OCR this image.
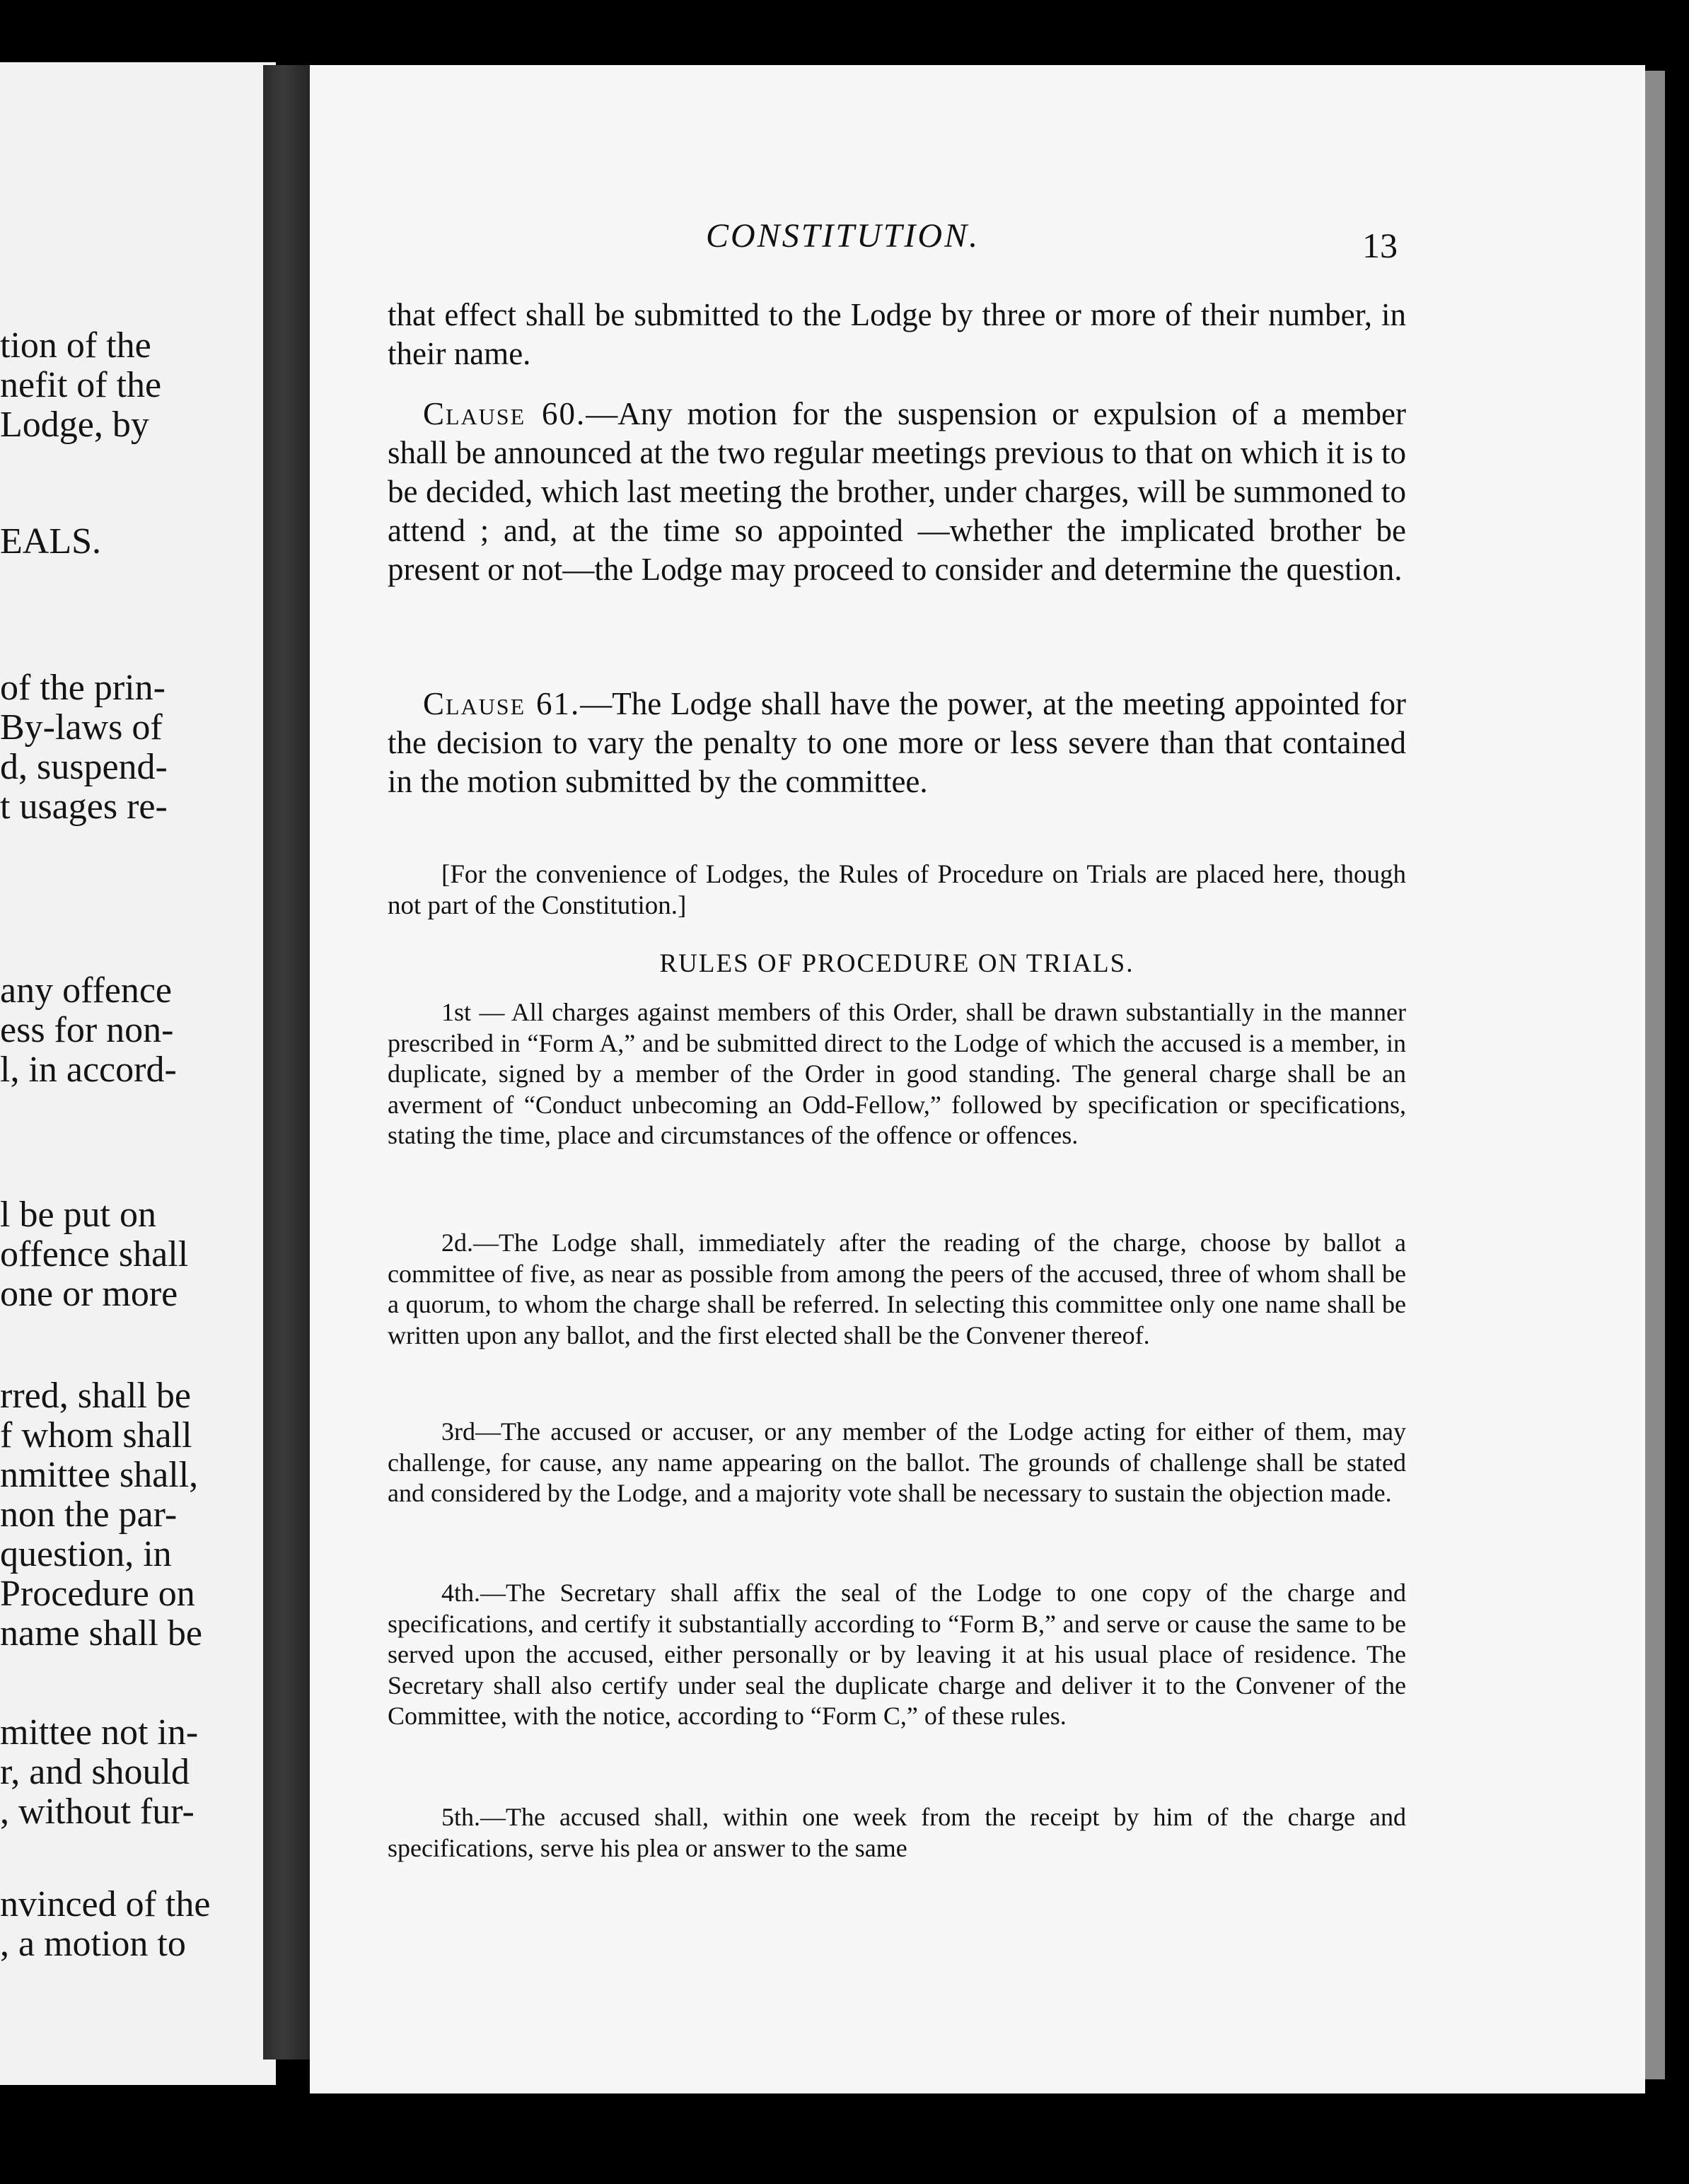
tion of the
nefit of the
Lodge, by
EALS.
of the prin-
By-laws of
d, suspend-
t usages re-
any offence
ess for non-
l, in accord-
l be put on
offence shall
one or more
rred, shall be
f whom shall
nmittee shall,
non the par-
question, in
Procedure on
name shall be
mittee not in-
r, and should
, without fur-
nvinced of the
, a motion to
CONSTITUTION.	13
that effect shall be submitted to the Lodge by three or more of their number, in their name.
Clause 60.—Any motion for the suspension or expulsion of a member shall be announced at the two regular meetings previous to that on which it is to be decided, which last meeting the brother, under charges, will be summoned to attend ; and, at the time so appointed —whether the implicated brother be present or not—the Lodge may proceed to consider and determine the question.
Clause 61.—The Lodge shall have the power, at the meeting appointed for the decision to vary the penalty to one more or less severe than that contained in the motion submitted by the committee.
[For the convenience of Lodges, the Rules of Procedure on Trials are placed here, though not part of the Constitution.]
RULES OF PROCEDURE ON TRIALS.
1st — All charges against members of this Order, shall be drawn substantially in the manner prescribed in “Form A,” and be submitted direct to the Lodge of which the accused is a member, in duplicate, signed by a member of the Order in good standing. The general charge shall be an averment of “Conduct unbecoming an Odd-Fellow,” followed by specification or specifications, stating the time, place and circumstances of the offence or offences.
2d.—The Lodge shall, immediately after the reading of the charge, choose by ballot a committee of five, as near as possible from among the peers of the accused, three of whom shall be a quorum, to whom the charge shall be referred. In selecting this committee only one name shall be written upon any ballot, and the first elected shall be the Convener thereof.
3rd—The accused or accuser, or any member of the Lodge acting for either of them, may challenge, for cause, any name appearing on the ballot. The grounds of challenge shall be stated and considered by the Lodge, and a majority vote shall be necessary to sustain the objection made.
4th.—The Secretary shall affix the seal of the Lodge to one copy of the charge and specifications, and certify it substantially according to “Form B,” and serve or cause the same to be served upon the accused, either personally or by leaving it at his usual place of residence. The Secretary shall also certify under seal the duplicate charge and deliver it to the Convener of the Committee, with the notice, according to “Form C,” of these rules.
5th.—The accused shall, within one week from the receipt by him of the charge and specifications, serve his plea or answer to the same
